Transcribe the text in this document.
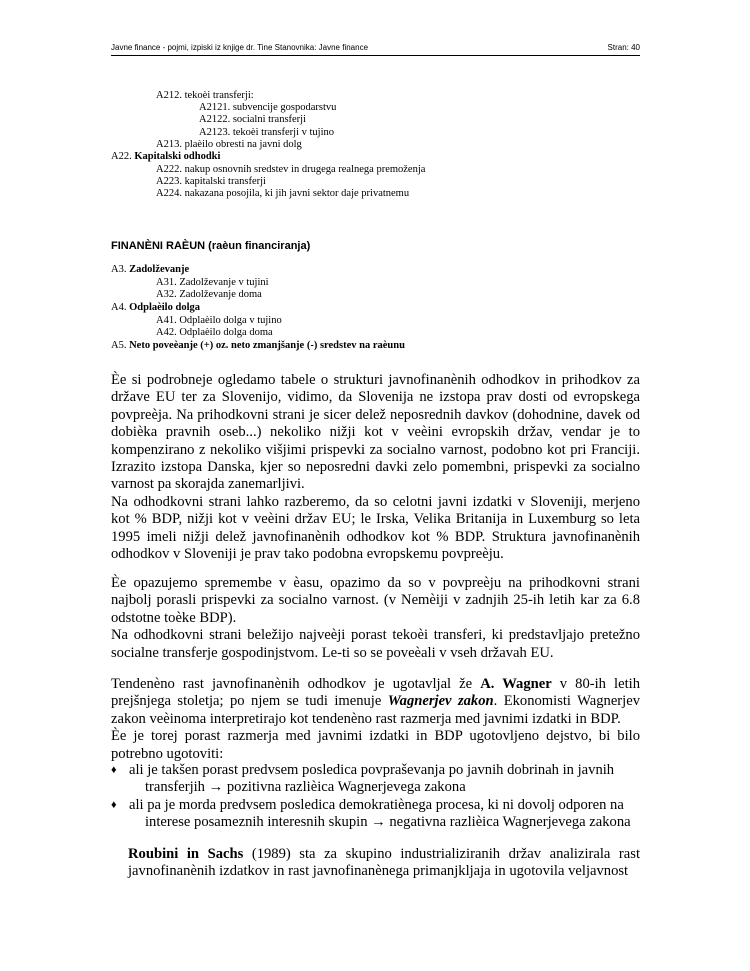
Javne finance - pojmi, izpiski iz knjige dr. Tine Stanovnika: Javne finance	Stran: 40
A212. tekoèi transferji:
A2121. subvencije gospodarstvu
A2122. socialni transferji
A2123. tekoèi transferji v tujino
A213. plaèilo obresti na javni dolg
A22. Kapitalski odhodki
A222. nakup osnovnih sredstev in drugega realnega premoženja
A223. kapitalski transferji
A224. nakazana posojila, ki jih javni sektor daje privatnemu
FINANÈNI RAÈUN (raèun financiranja)
A3. Zadolževanje
A31. Zadolževanje v tujini
A32. Zadolževanje doma
A4. Odplaèilo dolga
A41. Odplaèilo dolga v tujino
A42. Odplaèilo dolga doma
A5. Neto poveèanje (+) oz. neto zmanjšanje (-) sredstev na raèunu

Èe si podrobneje ogledamo tabele o strukturi javnofinanènih odhodkov in prihodkov za države EU ter za Slovenijo, vidimo, da Slovenija ne izstopa prav dosti od evropskega povpreèja. Na prihodkovni strani je sicer delež neposrednih davkov (dohodnine, davek od dobièka pravnih oseb...) nekoliko nižji kot v veèini evropskih držav, vendar je to kompenzirano z nekoliko višjimi prispevki za socialno varnost, podobno kot pri Franciji. Izrazito izstopa Danska, kjer so neposredni davki zelo pomembni, prispevki za socialno varnost pa skorajda zanemarljivi.

Na odhodkovni strani lahko razberemo, da so celotni javni izdatki v Sloveniji, merjeno kot % BDP, nižji kot v veèini držav EU; le Irska, Velika Britanija in Luxemburg so leta 1995 imeli nižji delež javnofinanènih odhodkov kot % BDP. Struktura javnofinanènih odhodkov v Sloveniji je prav tako podobna evropskemu povpreèju.

Èe opazujemo spremembe v èasu, opazimo da so v povpreèju na prihodkovni strani najbolj porasli prispevki za socialno varnost. (v Nemèiji v zadnjih 25-ih letih kar za 6.8 odstotne toèke BDP).

Na odhodkovni strani beležijo najveèji porast tekoèi transferi, ki predstavljajo pretežno socialne transferje gospodinjstvom. Le-ti so se poveèali v vseh državah EU.

Tendenèno rast javnofinanènih odhodkov je ugotavljal že A. Wagner v 80-ih letih prejšnjega stoletja; po njem se tudi imenuje Wagnerjev zakon. Ekonomisti Wagnerjev zakon veèinoma interpretirajo kot tendenèno rast razmerja med javnimi izdatki in BDP.

Èe je torej porast razmerja med javnimi izdatki in BDP ugotovljeno dejstvo, bi bilo potrebno ugotoviti:

♦ ali je takšen porast predvsem posledica povpraševanja po javnih dobrinah in javnih
transferjih → pozitivna razlièica Wagnerjevega zakona
♦ ali pa je morda predvsem posledica demokratiènega procesa, ki ni dovolj odporen na
interese posameznih interesnih skupin → negativna razlièica Wagnerjevega zakona

Roubini in Sachs (1989) sta za skupino industrializiranih držav analizirala rast javnofinanènih izdatkov in rast javnofinanènega primanjkljaja in ugotovila veljavnost
